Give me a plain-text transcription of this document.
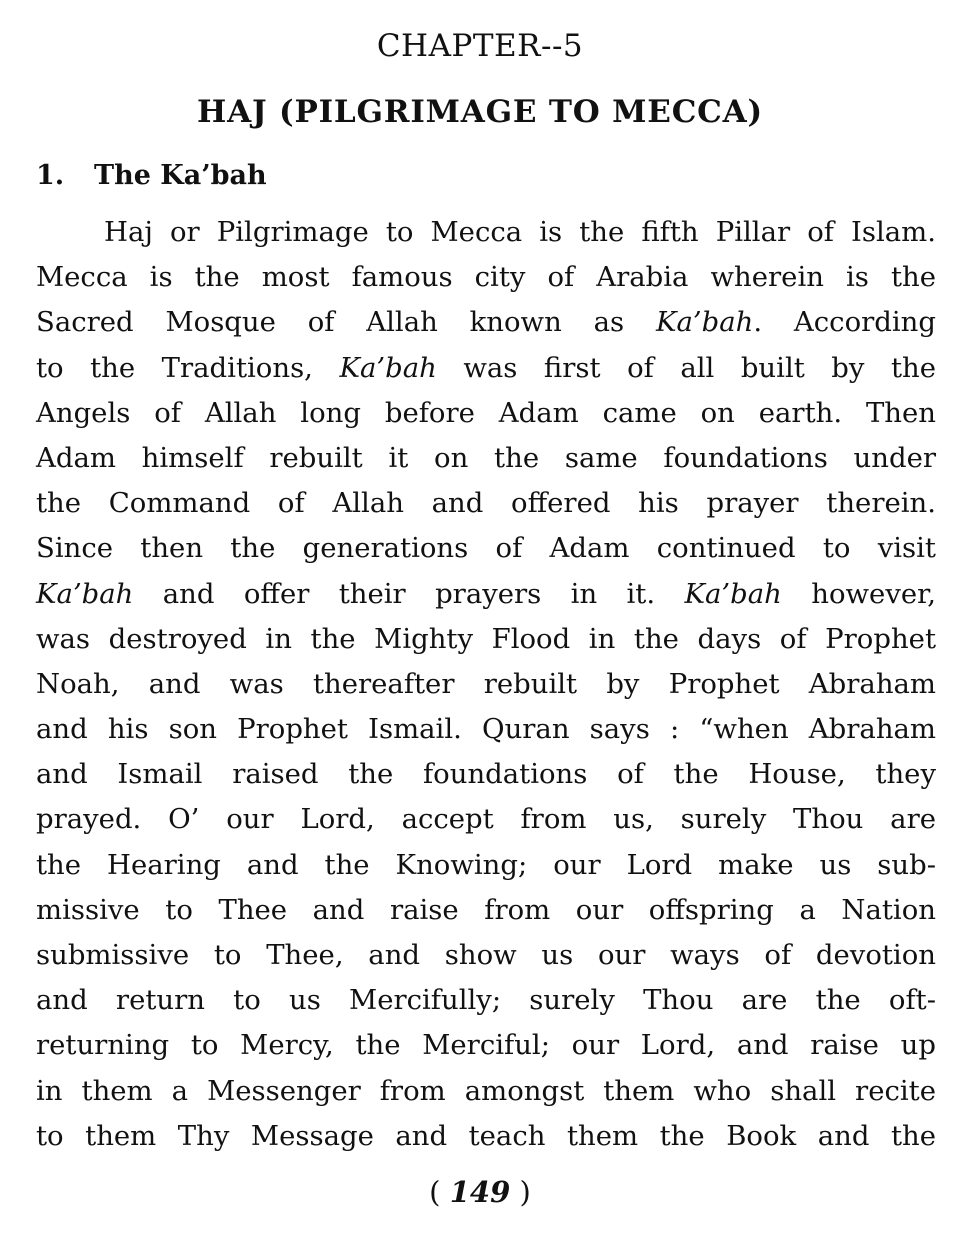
CHAPTER--5
HAJ (PILGRIMAGE TO MECCA)
1. The Ka’bah
Haj or Pilgrimage to Mecca is the fifth Pillar of Islam.
Mecca is the most famous city of Arabia wherein is the
Sacred Mosque of Allah known as Ka’bah. According
to the Traditions, Ka’bah was first of all built by the
Angels of Allah long before Adam came on earth. Then
Adam himself rebuilt it on the same foundations under
the Command of Allah and offered his prayer therein.
Since then the generations of Adam continued to visit
Ka’bah and offer their prayers in it. Ka’bah however,
was destroyed in the Mighty Flood in the days of Prophet
Noah, and was thereafter rebuilt by Prophet Abraham
and his son Prophet Ismail. Quran says : “when Abraham
and Ismail raised the foundations of the House, they
prayed. O’ our Lord, accept from us, surely Thou are
the Hearing and the Knowing; our Lord make us sub-
missive to Thee and raise from our offspring a Nation
submissive to Thee, and show us our ways of devotion
and return to us Mercifully; surely Thou are the oft-
returning to Mercy, the Merciful; our Lord, and raise up
in them a Messenger from amongst them who shall recite
to them Thy Message and teach them the Book and the
( 149 )
